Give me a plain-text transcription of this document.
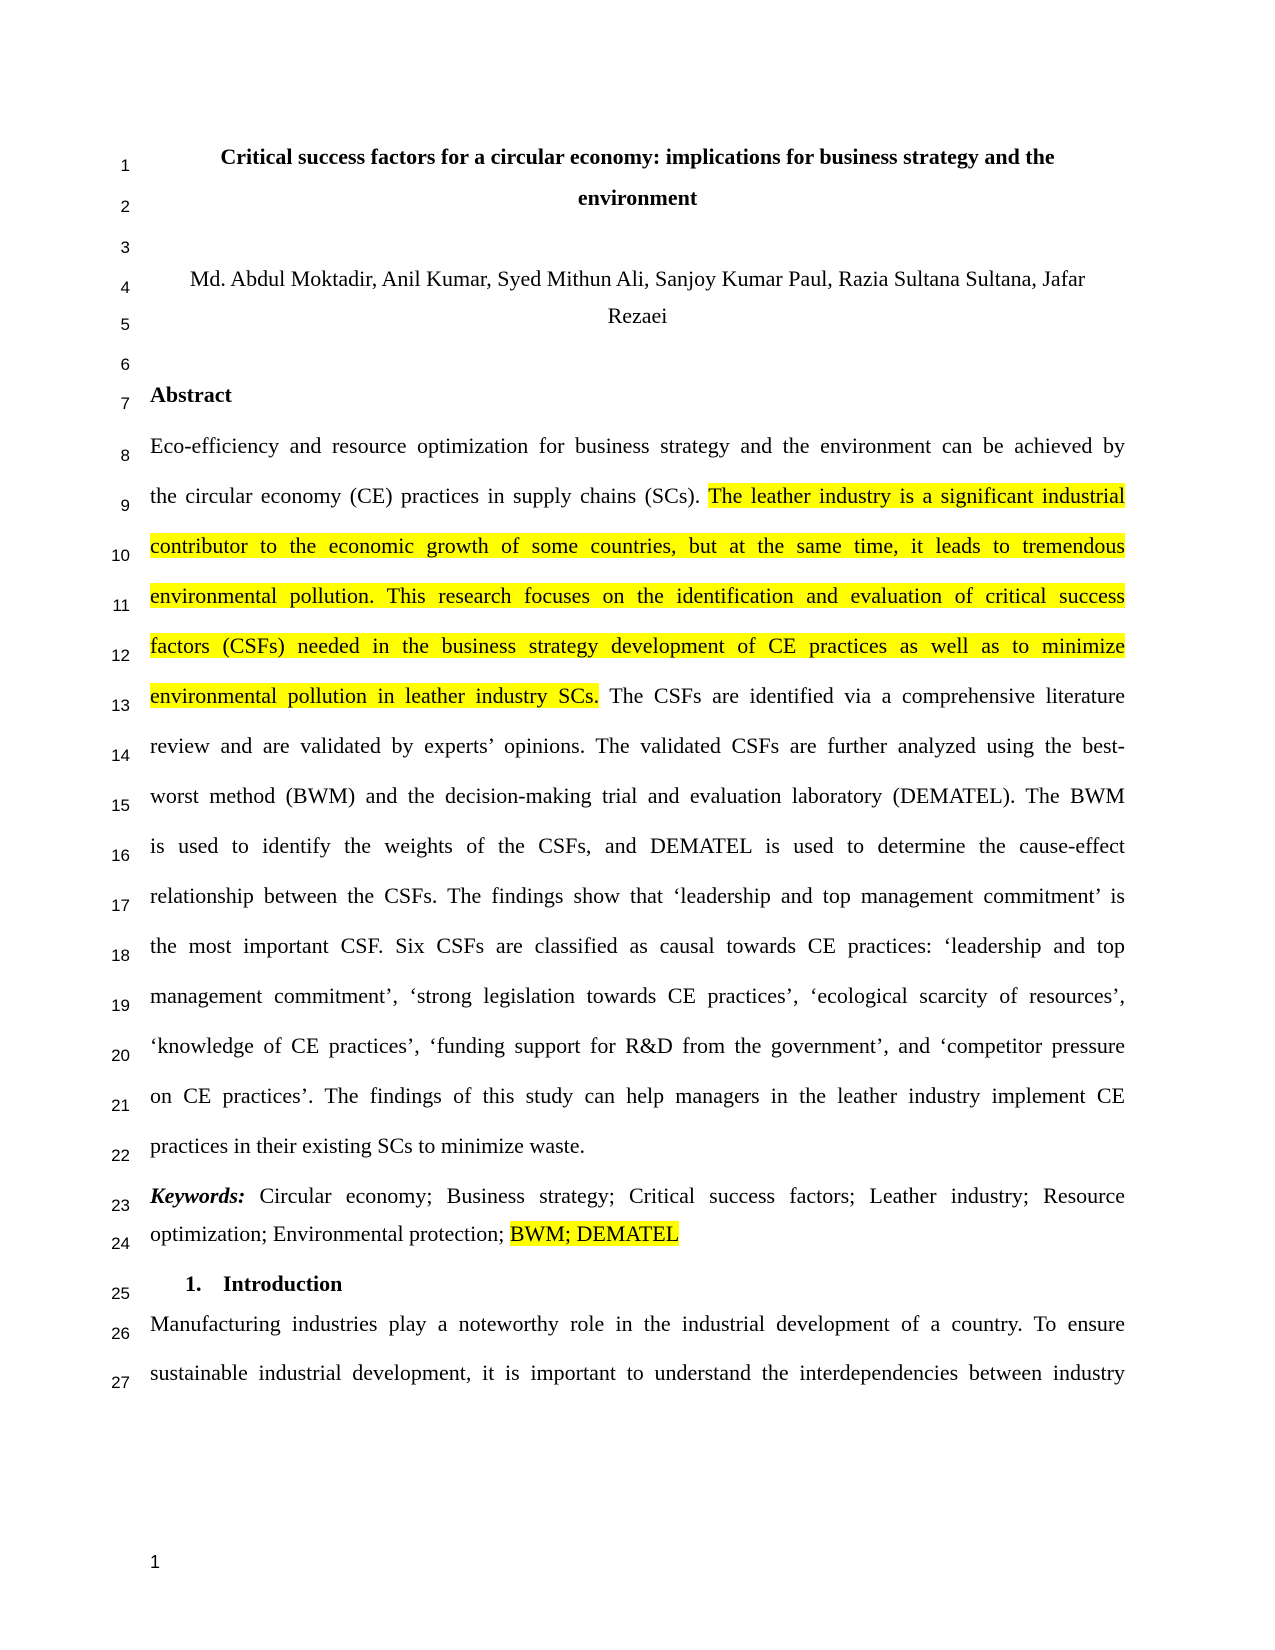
1
2
3
4
5
6
7
8
9
10
11
12
13
14
15
16
17
18
19
20
21
22
23
24
25
26
27
Critical success factors for a circular economy: implications for business strategy and the
environment
Md. Abdul Moktadir, Anil Kumar, Syed Mithun Ali, Sanjoy Kumar Paul, Razia Sultana Sultana, Jafar
Rezaei
Abstract
Eco-efficiency and resource optimization for business strategy and the environment can be achieved by
the circular economy (CE) practices in supply chains (SCs). The leather industry is a significant industrial
contributor to the economic growth of some countries, but at the same time, it leads to tremendous
environmental pollution. This research focuses on the identification and evaluation of critical success
factors (CSFs) needed in the business strategy development of CE practices as well as to minimize
environmental pollution in leather industry SCs. The CSFs are identified via a comprehensive literature
review and are validated by experts’ opinions. The validated CSFs are further analyzed using the best-
worst method (BWM) and the decision-making trial and evaluation laboratory (DEMATEL). The BWM
is used to identify the weights of the CSFs, and DEMATEL is used to determine the cause-effect
relationship between the CSFs. The findings show that ‘leadership and top management commitment’ is
the most important CSF. Six CSFs are classified as causal towards CE practices: ‘leadership and top
management commitment’, ‘strong legislation towards CE practices’, ‘ecological scarcity of resources’,
‘knowledge of CE practices’, ‘funding support for R&D from the government’, and ‘competitor pressure
on CE practices’. The findings of this study can help managers in the leather industry implement CE
practices in their existing SCs to minimize waste.
Keywords: Circular economy; Business strategy; Critical success factors; Leather industry; Resource
optimization; Environmental protection; BWM; DEMATEL
1. Introduction
Manufacturing industries play a noteworthy role in the industrial development of a country. To ensure
sustainable industrial development, it is important to understand the interdependencies between industry
1
